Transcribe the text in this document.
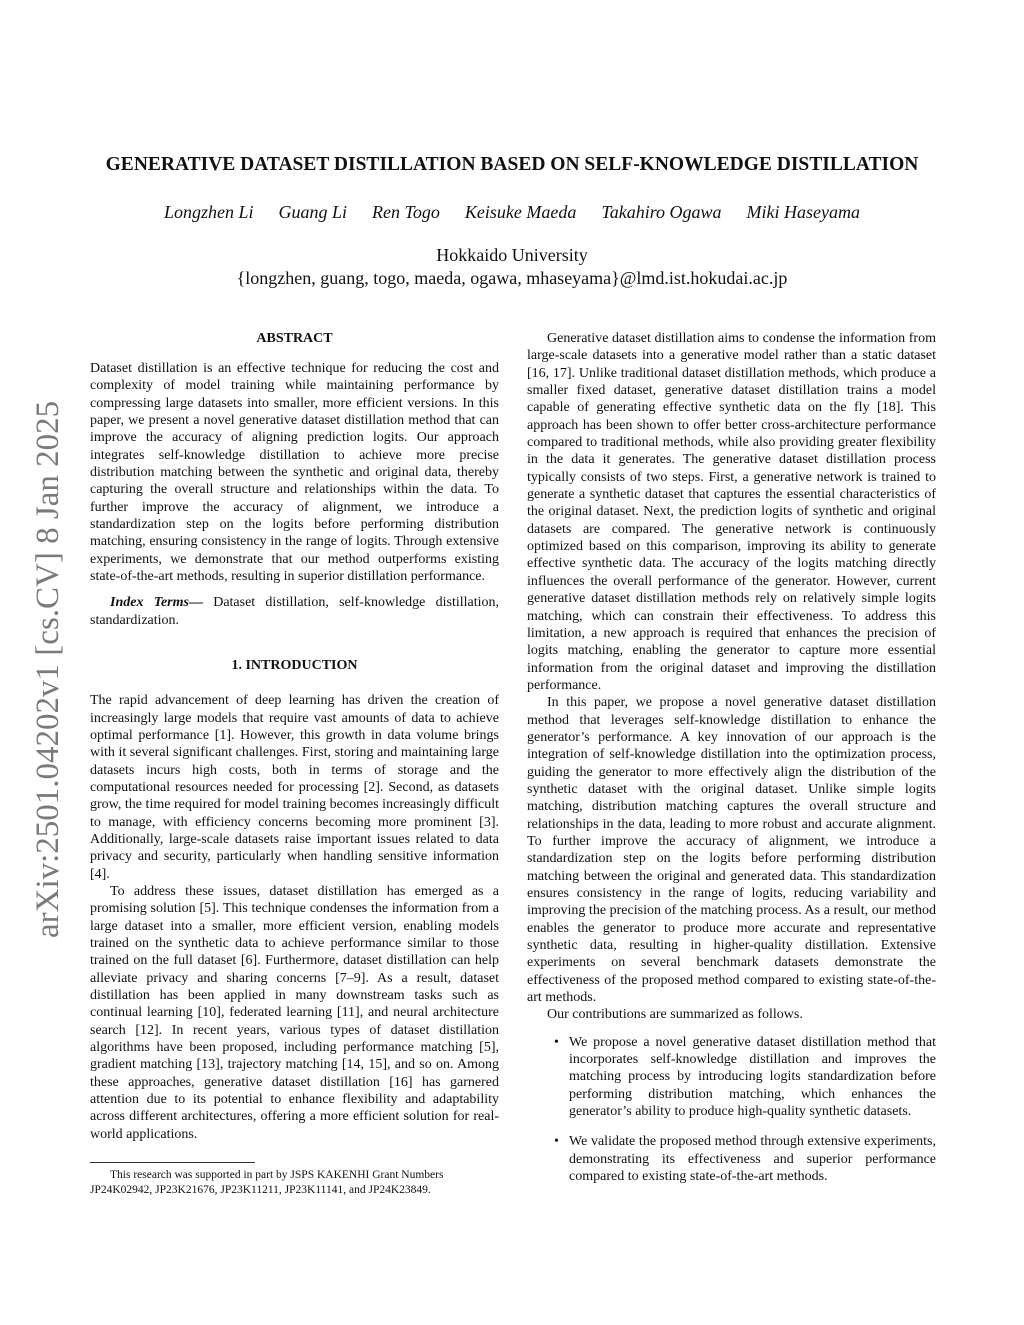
arXiv:2501.04202v1 [cs.CV] 8 Jan 2025
GENERATIVE DATASET DISTILLATION BASED ON SELF-KNOWLEDGE DISTILLATION
Longzhen Li Guang Li Ren Togo Keisuke Maeda Takahiro Ogawa Miki Haseyama
Hokkaido University
{longzhen, guang, togo, maeda, ogawa, mhaseyama}@lmd.ist.hokudai.ac.jp
ABSTRACT

Dataset distillation is an effective technique for reducing the cost and complexity of model training while maintaining performance by compressing large datasets into smaller, more efficient versions. In this paper, we present a novel generative dataset distillation method that can improve the accuracy of aligning prediction logits. Our approach integrates self-knowledge distillation to achieve more precise distribution matching between the synthetic and original data, thereby capturing the overall structure and relationships within the data. To further improve the accuracy of alignment, we introduce a standardization step on the logits before performing distribution matching, ensuring consistency in the range of logits. Through extensive experiments, we demonstrate that our method outperforms existing state-of-the-art methods, resulting in superior distillation performance.

Index Terms— Dataset distillation, self-knowledge distillation, standardization.

1. INTRODUCTION

The rapid advancement of deep learning has driven the creation of increasingly large models that require vast amounts of data to achieve optimal performance [1]. However, this growth in data volume brings with it several significant challenges. First, storing and maintaining large datasets incurs high costs, both in terms of storage and the computational resources needed for processing [2]. Second, as datasets grow, the time required for model training becomes increasingly difficult to manage, with efficiency concerns becoming more prominent [3]. Additionally, large-scale datasets raise important issues related to data privacy and security, particularly when handling sensitive information [4].

To address these issues, dataset distillation has emerged as a promising solution [5]. This technique condenses the information from a large dataset into a smaller, more efficient version, enabling models trained on the synthetic data to achieve performance similar to those trained on the full dataset [6]. Furthermore, dataset distillation can help alleviate privacy and sharing concerns [7–9]. As a result, dataset distillation has been applied in many downstream tasks such as continual learning [10], federated learning [11], and neural architecture search [12]. In recent years, various types of dataset distillation algorithms have been proposed, including performance matching [5], gradient matching [13], trajectory matching [14, 15], and so on. Among these approaches, generative dataset distillation [16] has garnered attention due to its potential to enhance flexibility and adaptability across different architectures, offering a more efficient solution for real-world applications.

This research was supported in part by JSPS KAKENHI Grant Numbers JP24K02942, JP23K21676, JP23K11211, JP23K11141, and JP24K23849.

Generative dataset distillation aims to condense the information from large-scale datasets into a generative model rather than a static dataset [16, 17]. Unlike traditional dataset distillation methods, which produce a smaller fixed dataset, generative dataset distillation trains a model capable of generating effective synthetic data on the fly [18]. This approach has been shown to offer better cross-architecture performance compared to traditional methods, while also providing greater flexibility in the data it generates. The generative dataset distillation process typically consists of two steps. First, a generative network is trained to generate a synthetic dataset that captures the essential characteristics of the original dataset. Next, the prediction logits of synthetic and original datasets are compared. The generative network is continuously optimized based on this comparison, improving its ability to generate effective synthetic data. The accuracy of the logits matching directly influences the overall performance of the generator. However, current generative dataset distillation methods rely on relatively simple logits matching, which can constrain their effectiveness. To address this limitation, a new approach is required that enhances the precision of logits matching, enabling the generator to capture more essential information from the original dataset and improving the distillation performance.

In this paper, we propose a novel generative dataset distillation method that leverages self-knowledge distillation to enhance the generator’s performance. A key innovation of our approach is the integration of self-knowledge distillation into the optimization process, guiding the generator to more effectively align the distribution of the synthetic dataset with the original dataset. Unlike simple logits matching, distribution matching captures the overall structure and relationships in the data, leading to more robust and accurate alignment. To further improve the accuracy of alignment, we introduce a standardization step on the logits before performing distribution matching between the original and generated data. This standardization ensures consistency in the range of logits, reducing variability and improving the precision of the matching process. As a result, our method enables the generator to produce more accurate and representative synthetic data, resulting in higher-quality distillation. Extensive experiments on several benchmark datasets demonstrate the effectiveness of the proposed method compared to existing state-of-the-art methods.

Our contributions are summarized as follows.

• We propose a novel generative dataset distillation method that incorporates self-knowledge distillation and improves the matching process by introducing logits standardization before performing distribution matching, which enhances the generator’s ability to produce high-quality synthetic datasets.
• We validate the proposed method through extensive experiments, demonstrating its effectiveness and superior performance compared to existing state-of-the-art methods.
